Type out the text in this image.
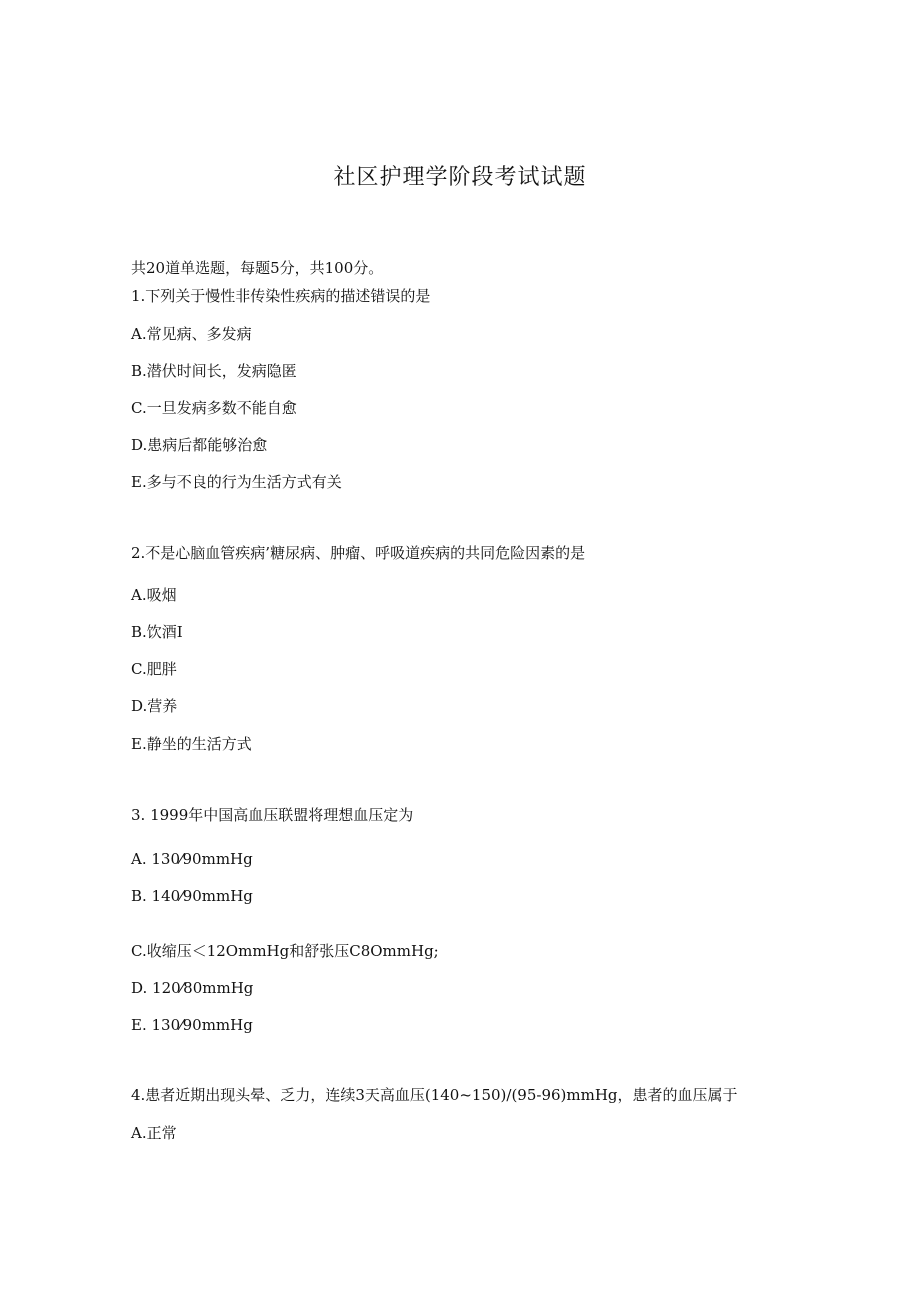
社区护理学阶段考试试题
共20道单选题，每题5分，共100分。
1.下列关于慢性非传染性疾病的描述错误的是
A.常见病、多发病
B.潜伏时间长，发病隐匿
C.一旦发病多数不能自愈
D.患病后都能够治愈
E.多与不良的行为生活方式有关
2.不是心脑血管疾病’糖尿病、肿瘤、呼吸道疾病的共同危险因素的是
A.吸烟
B.饮酒I
C.肥胖
D.营养
E.静坐的生活方式
3. 1999年中国高血压联盟将理想血压定为
A. 130⁄90mmHg
B. 140⁄90mmHg
C.收缩压＜12OmmHg和舒张压C8OmmHg;
D. 120⁄80mmHg
E. 130⁄90mmHg
4.患者近期出现头晕、乏力，连续3天高血压(140~150)/(95-96)mmHg，患者的血压属于
A.正常
